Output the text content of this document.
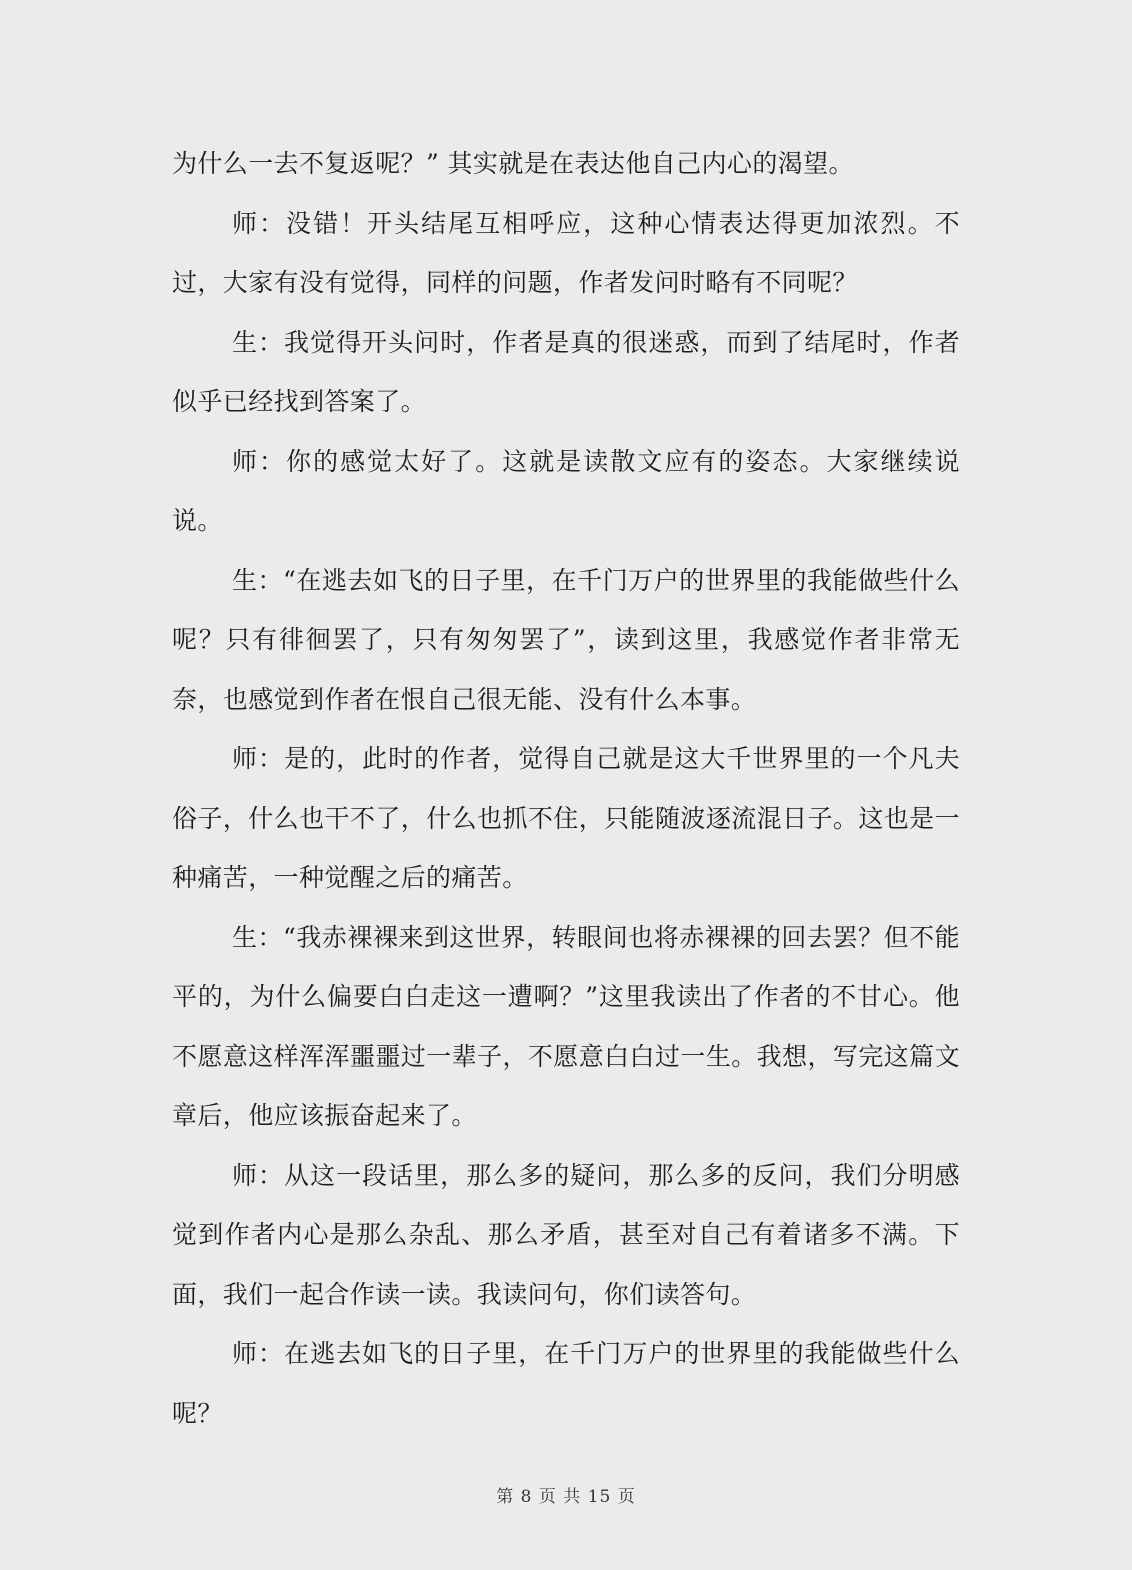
为什么一去不复返呢？” 其实就是在表达他自己内心的渴望。

师：没错！开头结尾互相呼应，这种心情表达得更加浓烈。不过，大家有没有觉得，同样的问题，作者发问时略有不同呢？

生：我觉得开头问时，作者是真的很迷惑，而到了结尾时，作者似乎已经找到答案了。

师：你的感觉太好了。这就是读散文应有的姿态。大家继续说说。

生：“在逃去如飞的日子里，在千门万户的世界里的我能做些什么呢？只有徘徊罢了，只有匆匆罢了”，读到这里，我感觉作者非常无奈，也感觉到作者在恨自己很无能、没有什么本事。

师：是的，此时的作者，觉得自己就是这大千世界里的一个凡夫俗子，什么也干不了，什么也抓不住，只能随波逐流混日子。这也是一种痛苦，一种觉醒之后的痛苦。

生：“我赤裸裸来到这世界，转眼间也将赤裸裸的回去罢？但不能平的，为什么偏要白白走这一遭啊？”这里我读出了作者的不甘心。他不愿意这样浑浑噩噩过一辈子，不愿意白白过一生。我想，写完这篇文章后，他应该振奋起来了。

师：从这一段话里，那么多的疑问，那么多的反问，我们分明感觉到作者内心是那么杂乱、那么矛盾，甚至对自己有着诸多不满。下面，我们一起合作读一读。我读问句，你们读答句。

师：在逃去如飞的日子里，在千门万户的世界里的我能做些什么呢？

第 8 页 共 15 页
